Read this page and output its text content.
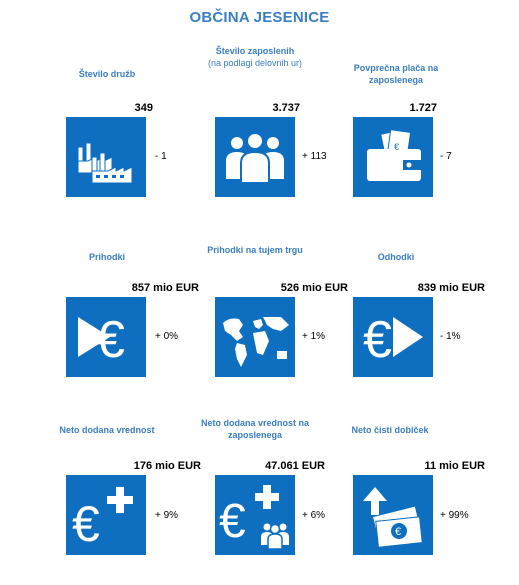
OBČINA JESENICE
Število družb
349
- 1
Število zaposlenih
(na podlagi delovnih ur)
3.737
+ 113
Povprečna plača na zaposlenega
1.727
€
- 7
Prihodki
857 mio EUR
€	+ 0%
Prihodki na tujem trgu
526 mio EUR
+ 1%
Odhodki
839 mio EUR
€	- 1%
Neto dodana vrednost
176 mio EUR
€	+ 9%
Neto dodana vrednost na zaposlenega
47.061 EUR
€	+ 6%
Neto čisti dobiček
11 mio EUR
€
+ 99%
